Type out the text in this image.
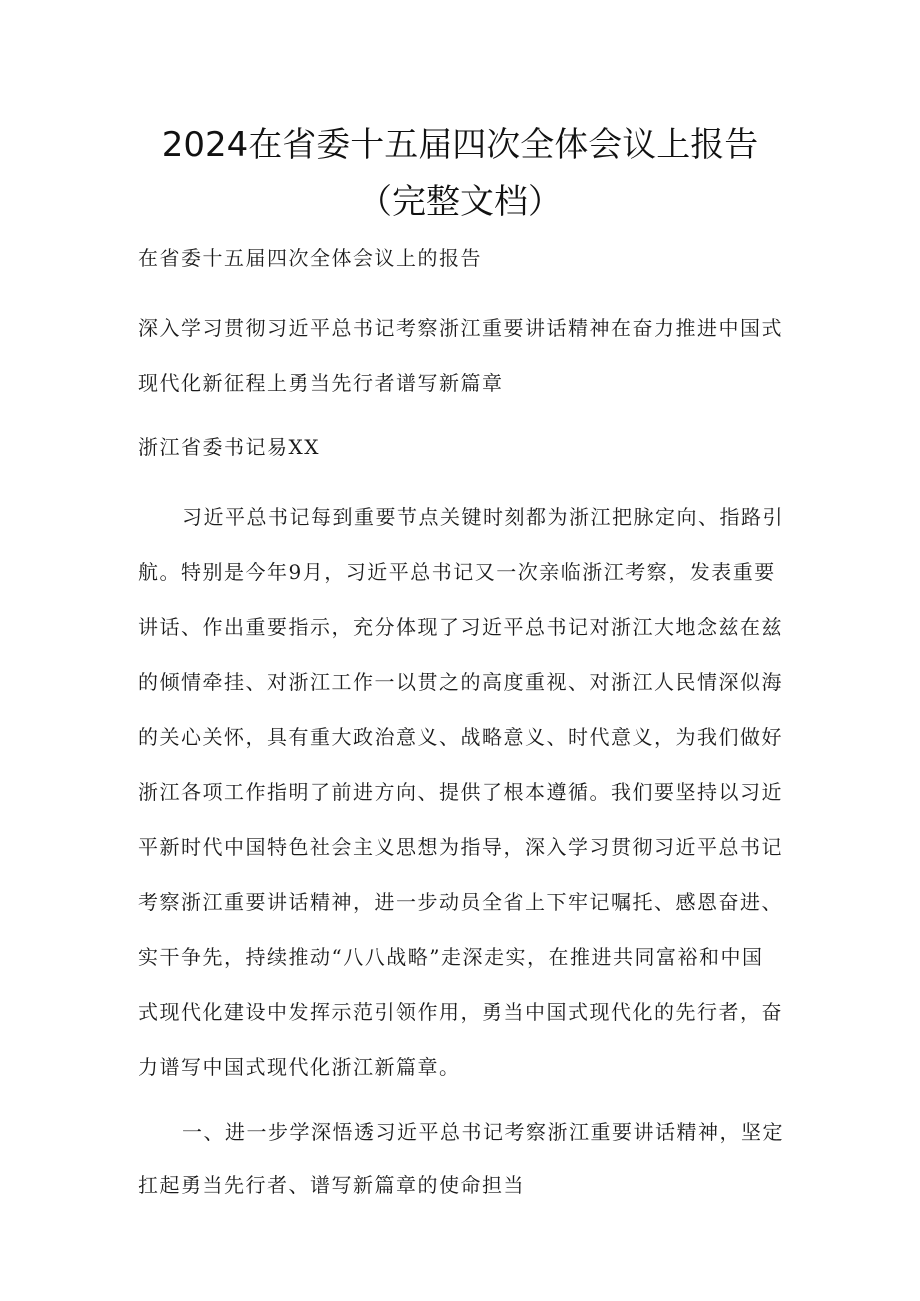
2024在省委十五届四次全体会议上报告
（完整文档）
在省委十五届四次全体会议上的报告
深入学习贯彻习近平总书记考察浙江重要讲话精神在奋力推进中国式
现代化新征程上勇当先行者谱写新篇章
浙江省委书记易XX
习近平总书记每到重要节点关键时刻都为浙江把脉定向、指路引
航。特别是今年9月，习近平总书记又一次亲临浙江考察，发表重要
讲话、作出重要指示，充分体现了习近平总书记对浙江大地念兹在兹
的倾情牵挂、对浙江工作一以贯之的高度重视、对浙江人民情深似海
的关心关怀，具有重大政治意义、战略意义、时代意义，为我们做好
浙江各项工作指明了前进方向、提供了根本遵循。我们要坚持以习近
平新时代中国特色社会主义思想为指导，深入学习贯彻习近平总书记
考察浙江重要讲话精神，进一步动员全省上下牢记嘱托、感恩奋进、
实干争先，持续推动“八八战略”走深走实，在推进共同富裕和中国
式现代化建设中发挥示范引领作用，勇当中国式现代化的先行者，奋
力谱写中国式现代化浙江新篇章。
一、进一步学深悟透习近平总书记考察浙江重要讲话精神，坚定
扛起勇当先行者、谱写新篇章的使命担当
